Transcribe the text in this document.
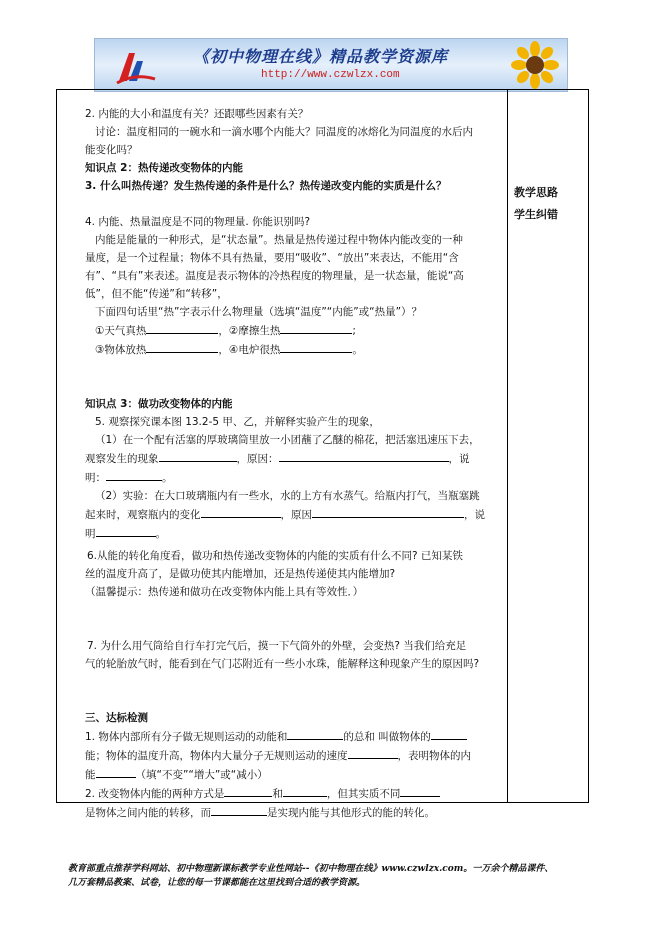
《初中物理在线》精品教学资源库
http://www.czwlzx.com
教学思路
学生纠错

2. 内能的大小和温度有关？还跟哪些因素有关？

讨论：温度相同的一碗水和一滴水哪个内能大？同温度的冰熔化为同温度的水后内

能变化吗？

知识点 2：热传递改变物体的内能

3. 什么叫热传递？发生热传递的条件是什么？热传递改变内能的实质是什么？

4. 内能、热量温度是不同的物理量. 你能识别吗?

内能是能量的一种形式，是“状态量”。热量是热传递过程中物体内能改变的一种

量度，是一个过程量；物体不具有热量，要用“吸收”、“放出”来表达，不能用“含

有”、“具有”来表述。温度是表示物体的冷热程度的物理量，是一状态量，能说“高

低”，但不能“传递”和“转移”，

下面四句话里“热”字表示什么物理量（选填“温度”“内能”或“热量”）？

①天气真热	，②摩擦生热	;

③物体放热	，④电炉很热	。

知识点 3：做功改变物体的内能

5. 观察探究课本图 13.2-5 甲、乙，并解释实验产生的现象，

（1）在一个配有活塞的厚玻璃筒里放一小团蘸了乙醚的棉花，把活塞迅速压下去，

观察发生的现象	，原因：	，说

明：	。

（2）实验：在大口玻璃瓶内有一些水，水的上方有水蒸气。给瓶内打气，当瓶塞跳

起来时，观察瓶内的变化	，原因	，说

明	。

6.从能的转化角度看，做功和热传递改变物体的内能的实质有什么不同? 已知某铁

丝的温度升高了，是做功使其内能增加，还是热传递使其内能增加?

（温馨提示：热传递和做功在改变物体内能上具有等效性．）

7. 为什么用气筒给自行车打完气后，摸一下气筒外的外壁，会变热? 当我们给充足

气的轮胎放气时，能看到在气门芯附近有一些小水珠，能解释这种现象产生的原因吗?

三、达标检测

1. 物体内部所有分子做无规则运动的动能和	的总和 叫做物体的

能；物体的温度升高，物体内大量分子无规则运动的速度	，表明物体的内

能	（填“不变”“增大”或“减小）

2. 改变物体内能的两种方式是	和	，但其实质不同

是物体之间内能的转移，而	是实现内能与其他形式的能的转化。

教育部重点推荐学科网站、初中物理新课标教学专业性网站--《初中物理在线》www.czwlzx.com。一万余个精品课件、
几万套精品教案、试卷，让您的每一节课都能在这里找到合适的教学资源。
